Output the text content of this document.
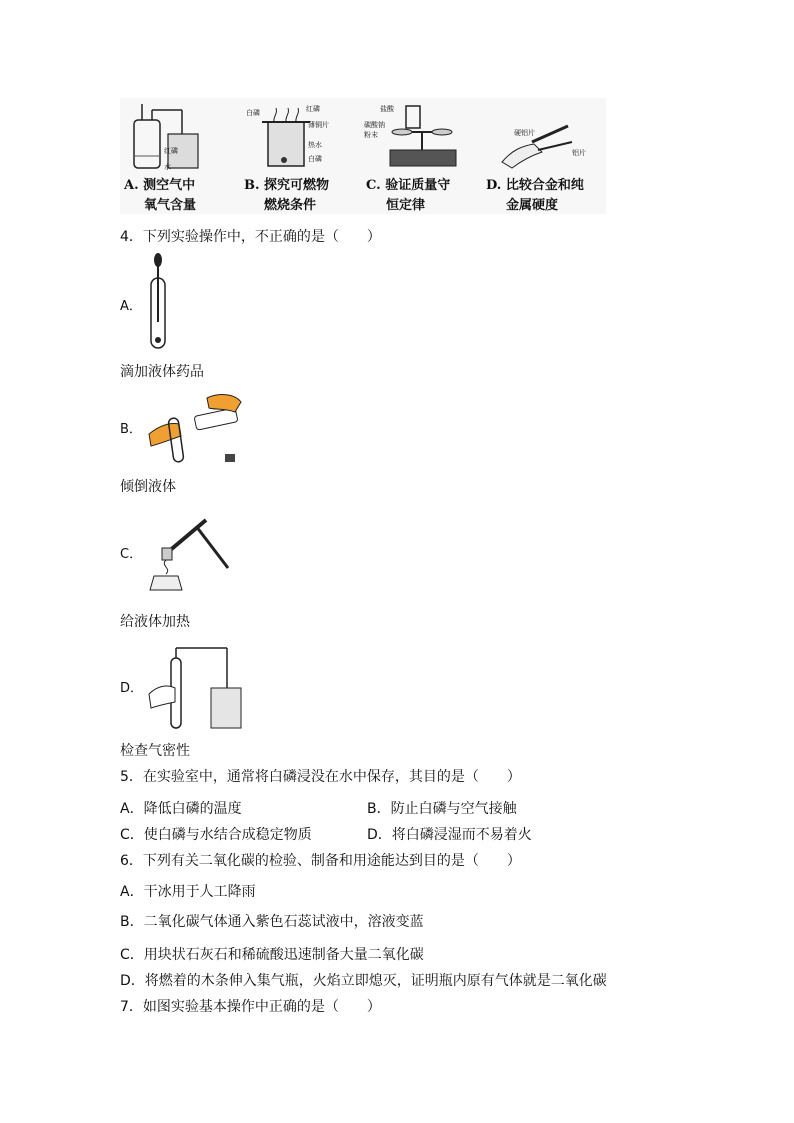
红磷
水
A. 测空气中
氧气含量
白磷	红磷
薄铜片
热水
白磷
B. 探究可燃物
燃烧条件
盐酸
碳酸钠
粉末
C. 验证质量守
恒定律
硬铝片
铝片
D. 比较合金和纯
金属硬度
4．下列实验操作中，不正确的是（　　）
A．
滴加液体药品
B．
倾倒液体
C．
给液体加热
D．
检查气密性
5．在实验室中，通常将白磷浸没在水中保存，其目的是（　　）
A．降低白磷的温度	B．防止白磷与空气接触
C．使白磷与水结合成稳定物质	D．将白磷浸湿而不易着火
6．下列有关二氧化碳的检验、制备和用途能达到目的是（　　）
A．干冰用于人工降雨
B．二氧化碳气体通入紫色石蕊试液中，溶液变蓝
C．用块状石灰石和稀硫酸迅速制备大量二氧化碳
D．将燃着的木条伸入集气瓶，火焰立即熄灭，证明瓶内原有气体就是二氧化碳
7．如图实验基本操作中正确的是（　　）
